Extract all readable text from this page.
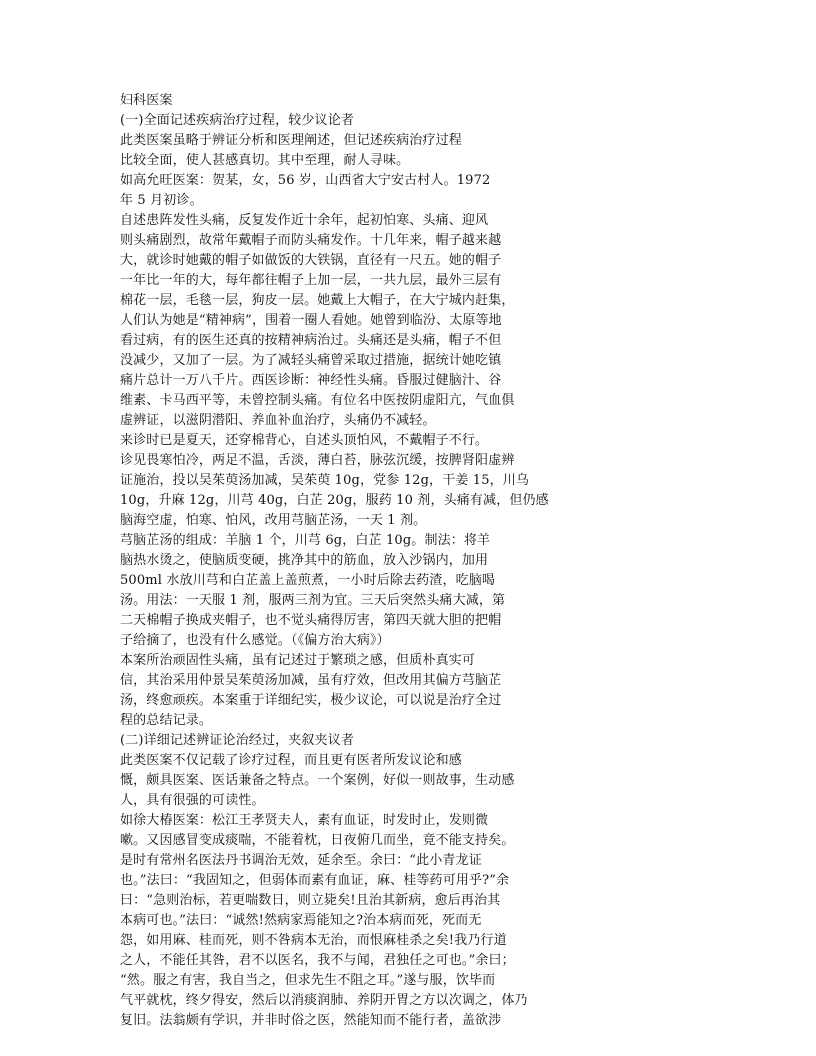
妇科医案
(一)全面记述疾病治疗过程，较少议论者
此类医案虽略于辨证分析和医理阐述，但记述疾病治疗过程
比较全面，使人甚感真切。其中至理，耐人寻味。
如高允旺医案：贺某，女，56 岁，山西省大宁安古村人。1972
年 5 月初诊。
自述患阵发性头痛，反复发作近十余年，起初怕寒、头痛、迎风
则头痛剧烈，故常年戴帽子而防头痛发作。十几年来，帽子越来越
大，就诊时她戴的帽子如做饭的大铁锅，直径有一尺五。她的帽子
一年比一年的大，每年都往帽子上加一层，一共九层，最外三层有
棉花一层，毛毯一层，狗皮一层。她戴上大帽子，在大宁城内赶集，
人们认为她是“精神病”，围着一圈人看她。她曾到临汾、太原等地
看过病，有的医生还真的按精神病治过。头痛还是头痛，帽子不但
没减少，又加了一层。为了减轻头痛曾采取过措施，据统计她吃镇
痛片总计一万八千片。西医诊断：神经性头痛。昏服过健脑汁、谷
维素、卡马西平等，未曾控制头痛。有位名中医按阴虚阳亢，气血俱
虚辨证，以滋阴潜阳、养血补血治疗，头痛仍不减轻。
来诊时已是夏天，还穿棉背心，自述头顶怕风，不戴帽子不行。
诊见畏寒怕冷，两足不温，舌淡，薄白苔，脉弦沉缓，按脾肾阳虚辨
证施治，投以吴茱萸汤加减，吴茱萸 10g，党参 12g，干姜 15，川乌
10g，升麻 12g，川芎 40g，白芷 20g，服药 10 剂，头痛有减，但仍感
脑海空虚，怕寒、怕风，改用芎脑芷汤，一天 1 剂。
芎脑芷汤的组成：羊脑 1 个，川芎 6g，白芷 10g。制法：将羊
脑热水烫之，使脑质变硬，挑净其中的筋血，放入沙锅内，加用
500ml 水放川芎和白芷盖上盖煎煮，一小时后除去药渣，吃脑喝
汤。用法：一天服 1 剂，服两三剂为宜。三天后突然头痛大减，第
二天棉帽子换成夹帽子，也不觉头痛得厉害，第四天就大胆的把帽
子给摘了，也没有什么感觉。（《偏方治大病》）
本案所治顽固性头痛，虽有记述过于繁琐之感，但质朴真实可
信，其治采用仲景吴茱萸汤加减，虽有疗效，但改用其偏方芎脑芷
汤，终愈顽疾。本案重于详细纪实，极少议论，可以说是治疗全过
程的总结记录。
(二)详细记述辨证论治经过，夹叙夹议者
此类医案不仅记载了诊疗过程，而且更有医者所发议论和感
慨，颇具医案、医话兼备之特点。一个案例，好似一则故事，生动感
人，具有很强的可读性。
如徐大椿医案：松江王孝贤夫人，素有血证，时发时止，发则微
嗽。又因感冒变成痰喘，不能着枕，日夜俯几而坐，竟不能支持矣。
是时有常州名医法丹书调治无效，延余至。余曰：“此小青龙证
也。”法曰：“我固知之，但弱体而素有血证，麻、桂等药可用乎?”余
曰：“急则治标，若更喘数日，则立毙矣!且治其新病，愈后再治其
本病可也。”法曰：“诚然!然病家焉能知之?治本病而死，死而无
怨，如用麻、桂而死，则不咎病本无治，而恨麻桂杀之矣!我乃行道
之人，不能任其咎，君不以医名，我不与闻，君独任之可也。”余曰；
“然。服之有害，我自当之，但求先生不阻之耳。”遂与服，饮毕而
气平就枕，终夕得安，然后以消痰润肺、养阴开胃之方以次调之，体乃
复旧。法翁颇有学识，并非时俗之医，然能知而不能行者，盖欲涉
